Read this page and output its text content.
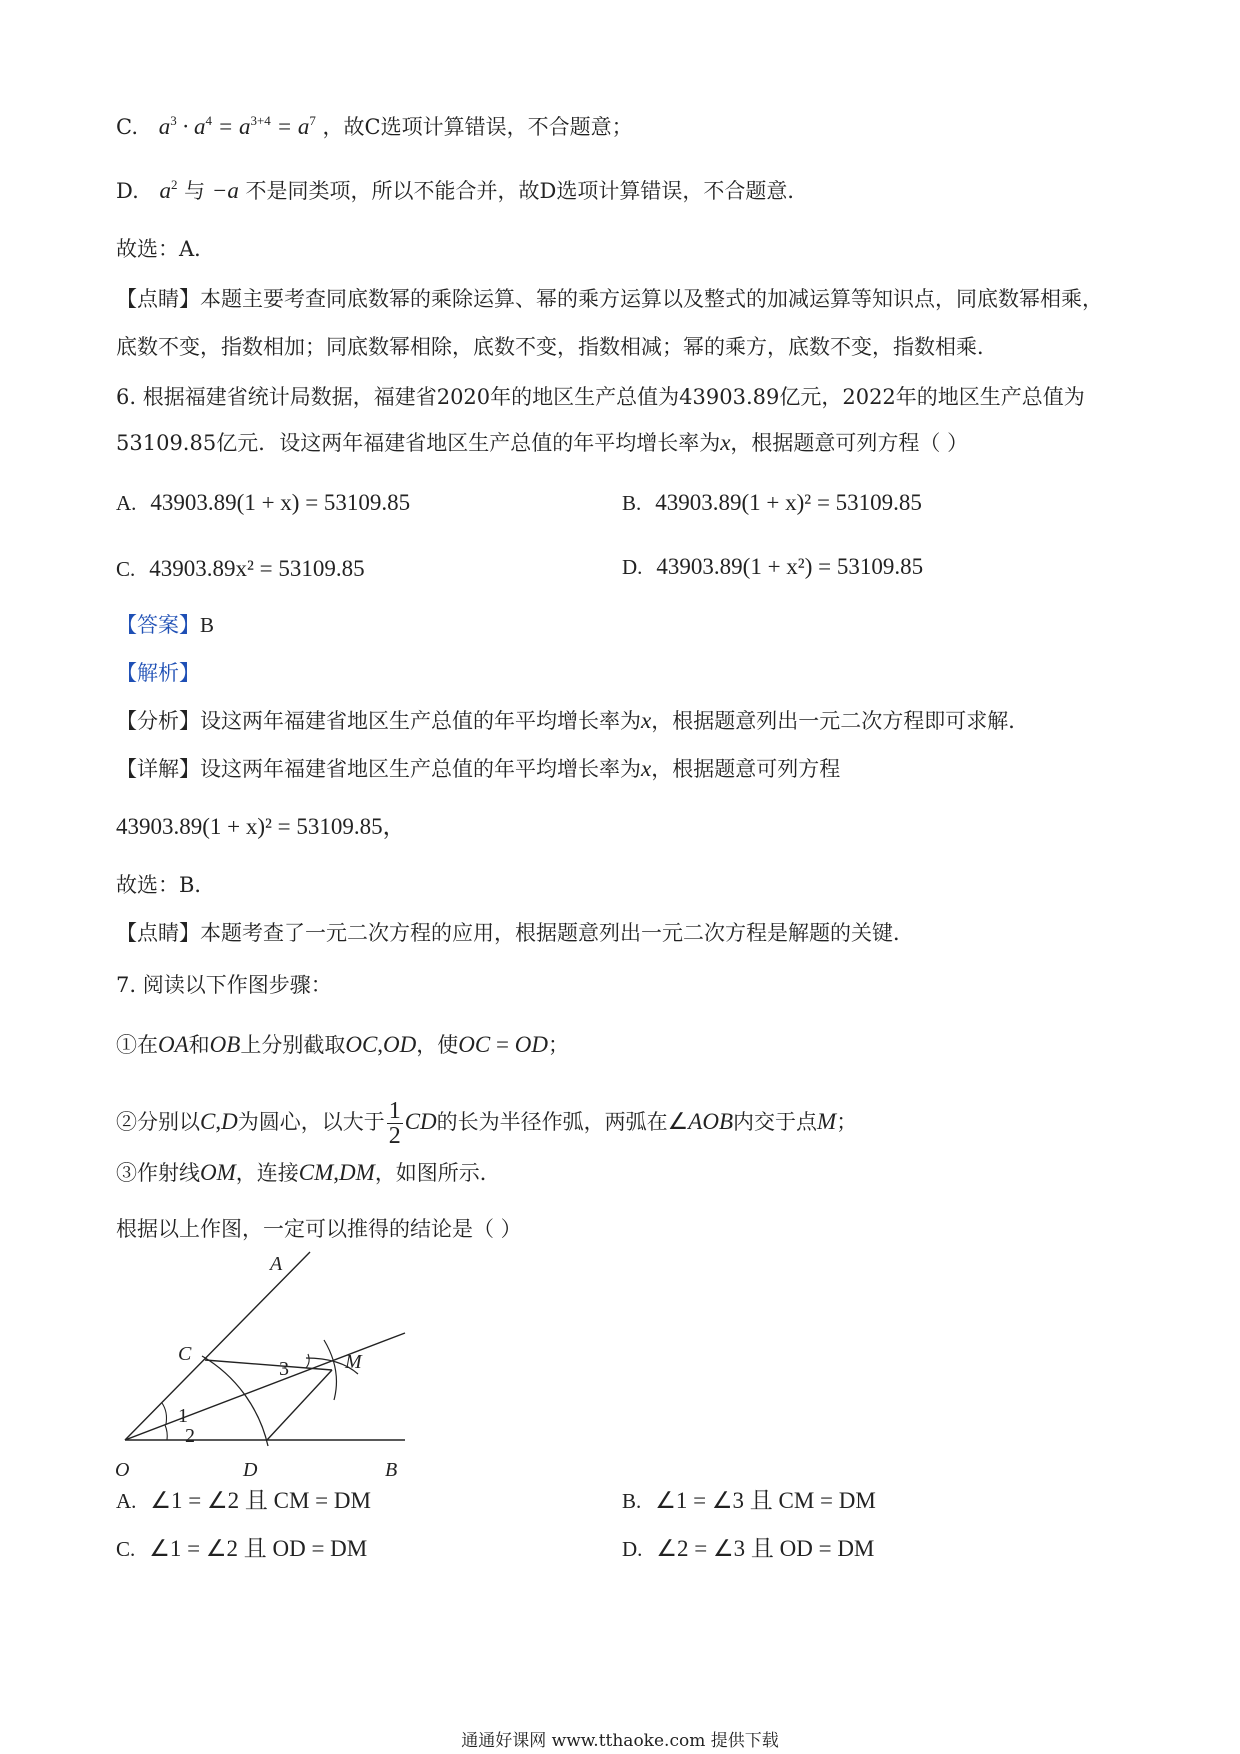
C. $a^3 \cdot a^4 = a^{3+4} = a^7$ ，故C选项计算错误，不合题意；
D. $a^2$ 与 −a 不是同类项，所以不能合并，故D选项计算错误，不合题意．
故选：A．
【点睛】本题主要考查同底数幂的乘除运算、幂的乘方运算以及整式的加减运算等知识点，同底数幂相乘，
底数不变，指数相加；同底数幂相除，底数不变，指数相减；幂的乘方，底数不变，指数相乘．
6. 根据福建省统计局数据，福建省2020年的地区生产总值为43903.89亿元，2022年的地区生产总值为
53109.85亿元．设这两年福建省地区生产总值的年平均增长率为x，根据题意可列方程（ ）
A. 43903.89(1 + x) = 53109.85	B. 43903.89(1 + x)² = 53109.85
C. 43903.89x² = 53109.85	D. 43903.89(1 + x²) = 53109.85
【答案】B
【解析】
【分析】设这两年福建省地区生产总值的年平均增长率为x，根据题意列出一元二次方程即可求解．
【详解】设这两年福建省地区生产总值的年平均增长率为x，根据题意可列方程
43903.89(1 + x)² = 53109.85，
故选：B．
【点睛】本题考查了一元二次方程的应用，根据题意列出一元二次方程是解题的关键．
7. 阅读以下作图步骤：
①在OA和OB上分别截取OC,OD，使OC = OD；
②分别以C,D为圆心，以大于 $\frac{1}{2}$ CD的长为半径作弧，两弧在∠AOB内交于点M；
③作射线OM，连接CM,DM，如图所示．
根据以上作图，一定可以推得的结论是（ ）
A
B
C
D
O
M
1
2
3
A. ∠1 = ∠2 且 CM = DM	B. ∠1 = ∠3 且 CM = DM
C. ∠1 = ∠2 且 OD = DM	D. ∠2 = ∠3 且 OD = DM
通通好课网 www.tthaoke.com 提供下载
